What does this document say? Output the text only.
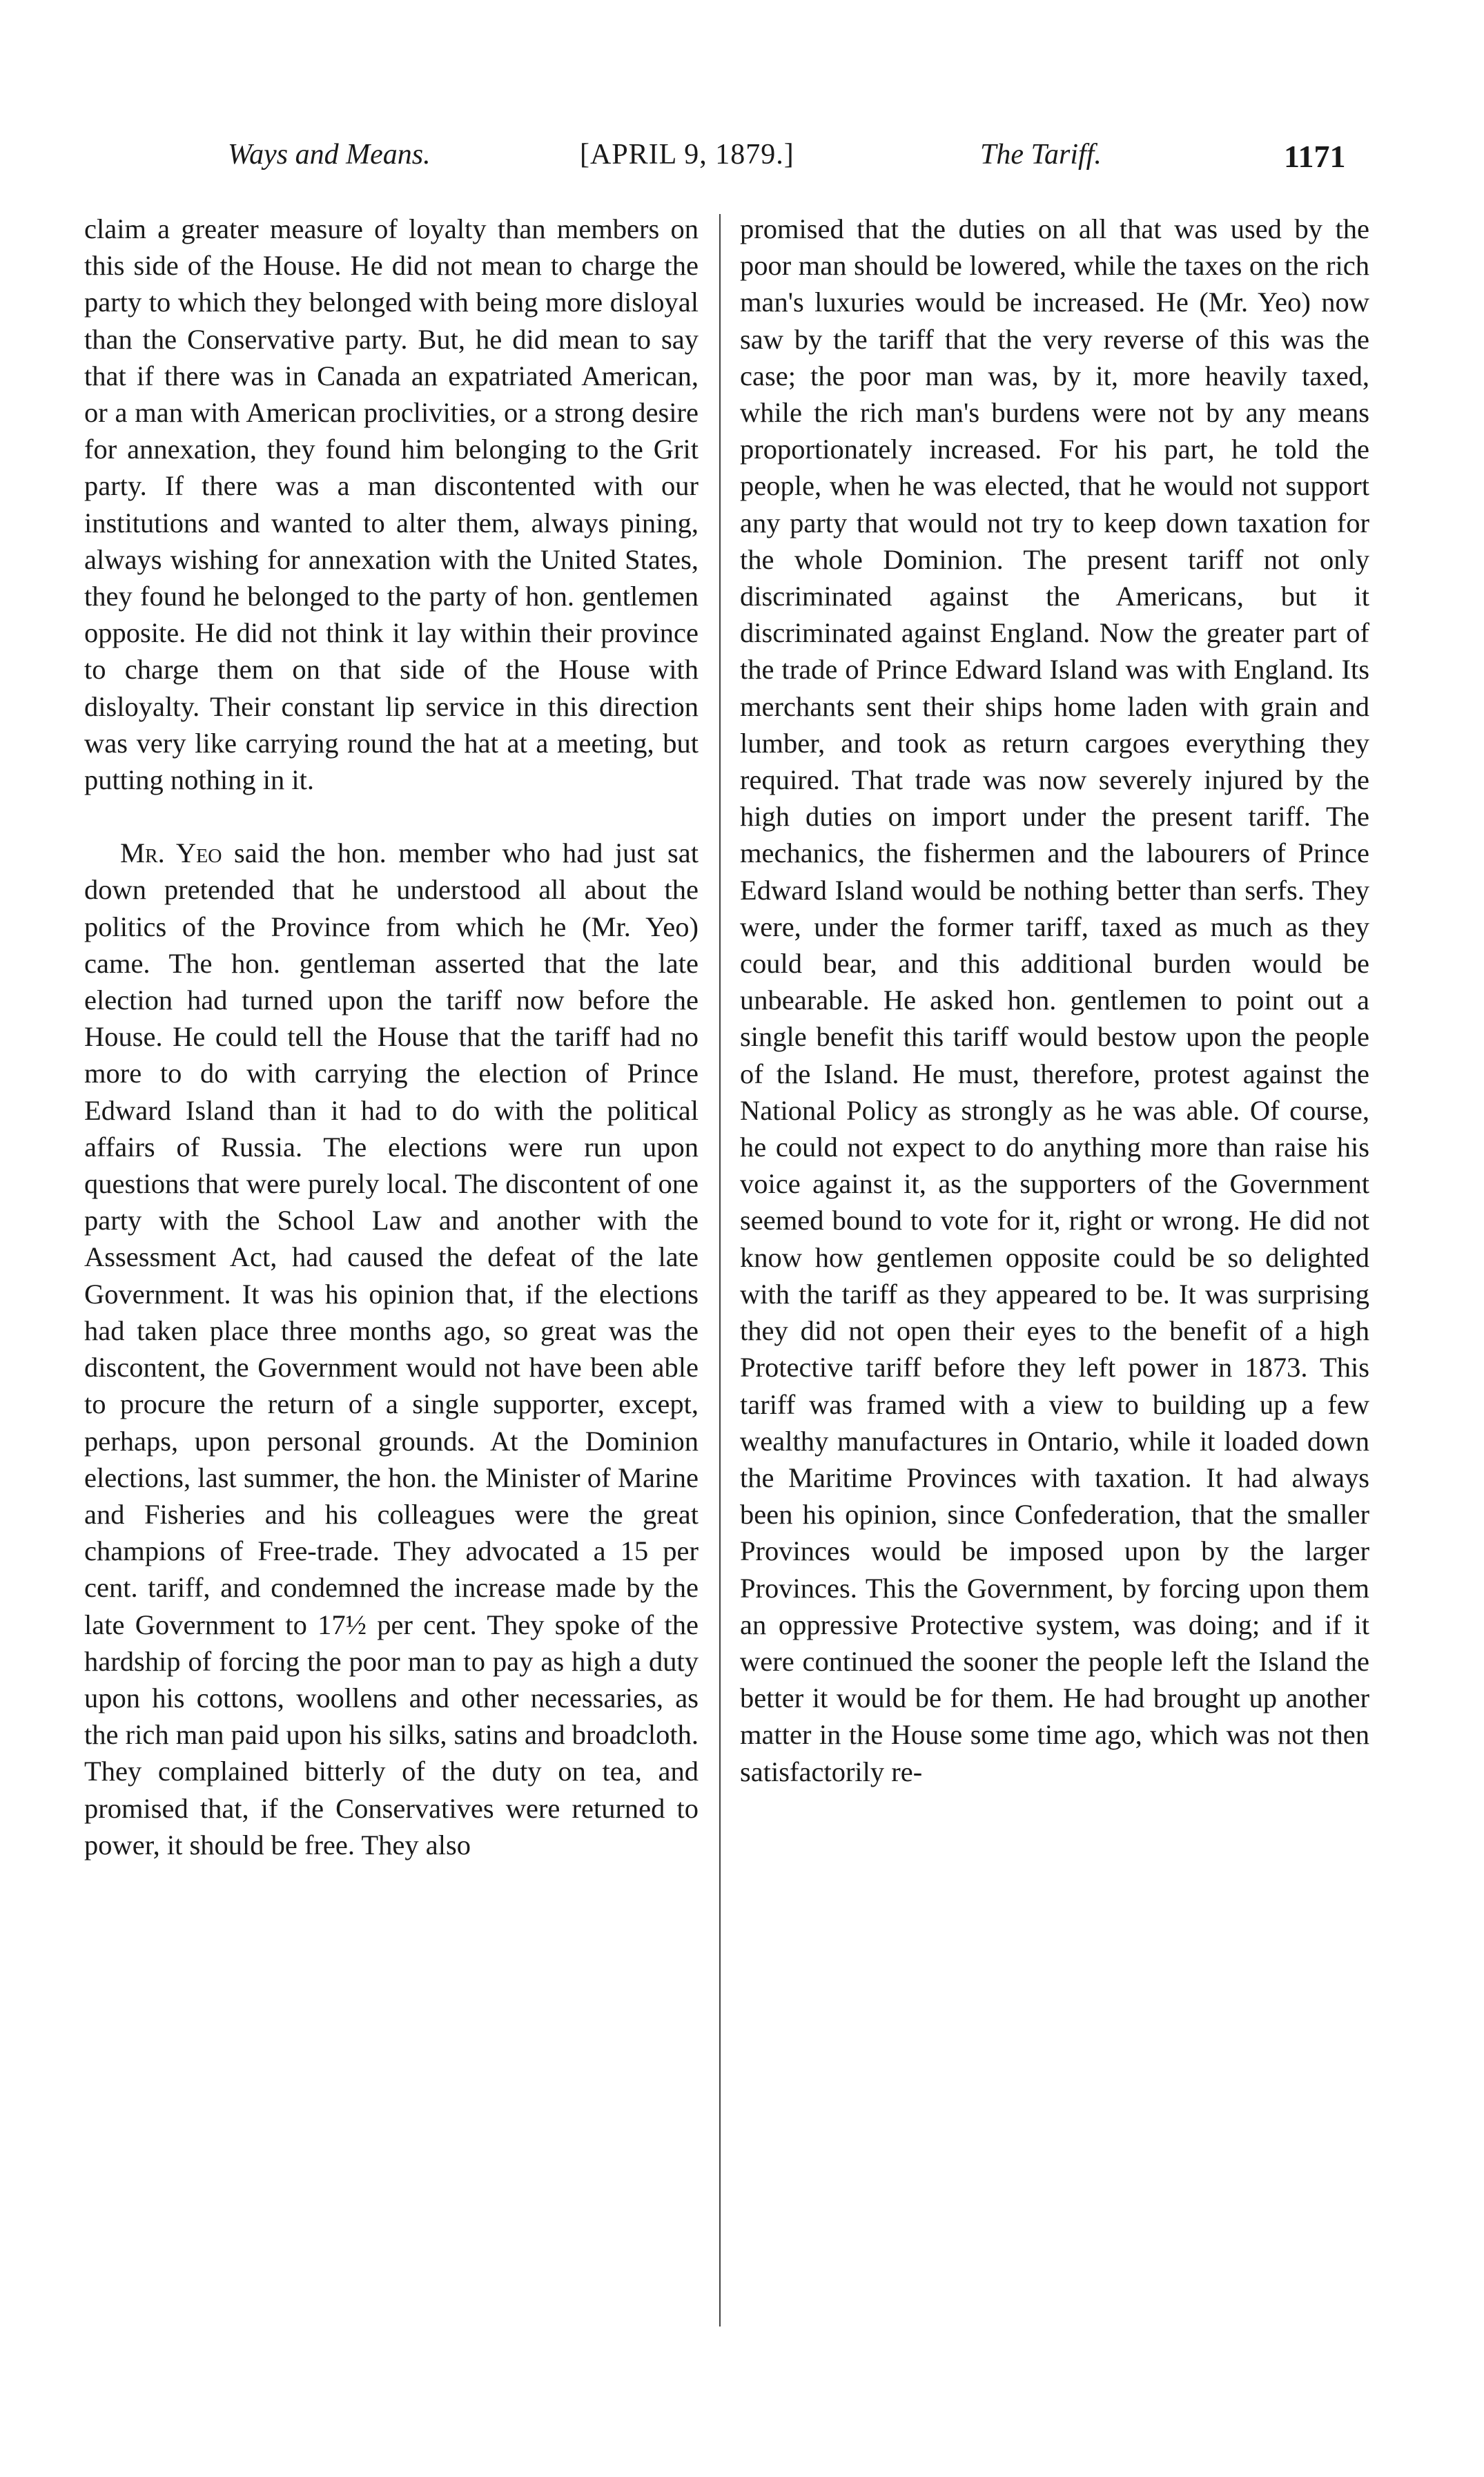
Ways and Means.	[APRIL 9, 1879.]	The Tariff.	1171

claim a greater measure of loyalty than members on this side of the House. He did not mean to charge the party to which they belonged with being more disloyal than the Conservative party. But, he did mean to say that if there was in Canada an expatriated American, or a man with American proclivities, or a strong desire for annexation, they found him belonging to the Grit party. If there was a man discontented with our institutions and wanted to alter them, always pining, always wishing for annexation with the United States, they found he belonged to the party of hon. gentlemen opposite. He did not think it lay within their province to charge them on that side of the House with disloyalty. Their constant lip service in this direction was very like carrying round the hat at a meeting, but putting nothing in it.

Mr. Yeo said the hon. member who had just sat down pretended that he understood all about the politics of the Province from which he (Mr. Yeo) came. The hon. gentleman asserted that the late election had turned upon the tariff now before the House. He could tell the House that the tariff had no more to do with carrying the election of Prince Edward Island than it had to do with the political affairs of Russia. The elections were run upon questions that were purely local. The discontent of one party with the School Law and another with the Assessment Act, had caused the defeat of the late Government. It was his opinion that, if the elections had taken place three months ago, so great was the discontent, the Government would not have been able to procure the return of a single supporter, except, perhaps, upon personal grounds. At the Dominion elections, last summer, the hon. the Minister of Marine and Fisheries and his colleagues were the great champions of Free-trade. They advocated a 15 per cent. tariff, and condemned the increase made by the late Government to 17½ per cent. They spoke of the hardship of forcing the poor man to pay as high a duty upon his cottons, woollens and other necessaries, as the rich man paid upon his silks, satins and broadcloth. They complained bitterly of the duty on tea, and promised that, if the Conservatives were returned to power, it should be free. They also

promised that the duties on all that was used by the poor man should be lowered, while the taxes on the rich man's luxuries would be increased. He (Mr. Yeo) now saw by the tariff that the very reverse of this was the case; the poor man was, by it, more heavily taxed, while the rich man's burdens were not by any means proportionately increased. For his part, he told the people, when he was elected, that he would not support any party that would not try to keep down taxation for the whole Dominion. The present tariff not only discriminated against the Americans, but it discriminated against England. Now the greater part of the trade of Prince Edward Island was with England. Its merchants sent their ships home laden with grain and lumber, and took as return cargoes everything they required. That trade was now severely injured by the high duties on import under the present tariff. The mechanics, the fishermen and the labourers of Prince Edward Island would be nothing better than serfs. They were, under the former tariff, taxed as much as they could bear, and this additional burden would be unbearable. He asked hon. gentlemen to point out a single benefit this tariff would bestow upon the people of the Island. He must, therefore, protest against the National Policy as strongly as he was able. Of course, he could not expect to do anything more than raise his voice against it, as the supporters of the Government seemed bound to vote for it, right or wrong. He did not know how gentlemen opposite could be so delighted with the tariff as they appeared to be. It was surprising they did not open their eyes to the benefit of a high Protective tariff before they left power in 1873. This tariff was framed with a view to building up a few wealthy manufactures in Ontario, while it loaded down the Maritime Provinces with taxation. It had always been his opinion, since Confederation, that the smaller Provinces would be imposed upon by the larger Provinces. This the Government, by forcing upon them an oppressive Protective system, was doing; and if it were continued the sooner the people left the Island the better it would be for them. He had brought up another matter in the House some time ago, which was not then satisfactorily re-
